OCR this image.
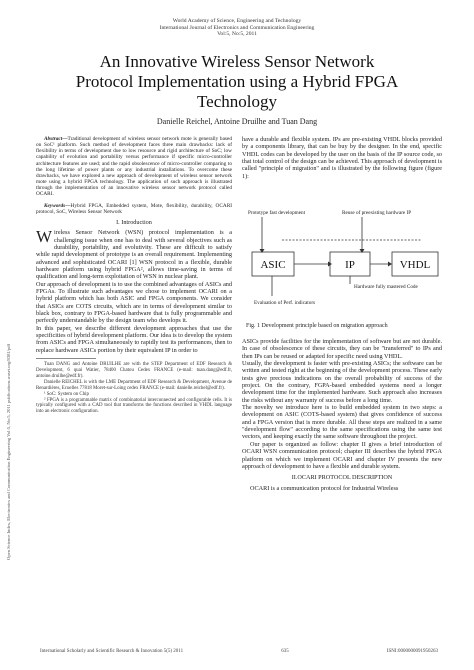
World Academy of Science, Engineering and Technology
International Journal of Electronics and Communication Engineering
Vol:5, No:5, 2011
An Innovative Wireless Sensor Network
Protocol Implementation using a Hybrid FPGA
Technology
Danielle Reichel, Antoine Druilhe and Tuan Dang
Open Science Index, Electronics and Communication Engineering Vol:5, No:5, 2011 publications.waset.org/8381/pdf

Abstract—Traditional development of wireless sensor network mote is generally based on SoC¹ platform. Such method of development faces three main drawbacks: lack of flexibility in terms of development due to low resource and rigid architecture of SoC; low capability of evolution and portability versus performance if specific micro-controller architecture features are used; and the rapid obsolescence of micro-controller comparing to the long lifetime of power plants or any industrial installations. To overcome these drawbacks, we have explored a new approach of development of wireless sensor network mote using a hybrid FPGA technology. The application of such approach is illustrated through the implementation of an innovative wireless sensor network protocol called OCARI.

Keywords—Hybrid FPGA, Embedded system, Mote, flexibility, durability, OCARI protocol, SoC, Wireless Sensor Network

I. Introduction

Wireless Sensor Network (WSN) protocol implementation is a challenging issue when one has to deal with several objectives such as durability, portability, and evolutivity. These are difficult to satisfy while rapid development of prototype is an overall requirement. Implementing advanced and sophisticated OCARI [1] WSN protocol in a flexible, durable hardware platform using hybrid FPGA², allows time-saving in terms of qualification and long-term exploitation of WSN in nuclear plant.

Our approach of development is to use the combined advantages of ASICs and FPGAs. To illustrate such advantages we chose to implement OCARI on a hybrid platform which has both ASIC and FPGA components. We consider that ASICs are COTS circuits, which are in terms of development similar to black box, contrary to FPGA-based hardware that is fully programmable and perfectly understandable by the design team who develops it.

In this paper, we describe different development approaches that use the specificities of hybrid development platform. Our idea is to develop the system from ASICs and FPGA simultaneously to rapidly test its performances, then to replace hardware ASICs portion by their equivalent IP in order to

Tuan DANG and Antoine DRUILHE are with the STEP Department of EDF Research & Development, 6 quai Watier, 78400 Chatou Cedex FRANCE (e-mail: tuan.dang@edf.fr, antoine.druilhe@edf.fr).

Danielle REICHEL is with the LME Department of EDF Research & Development, Avenue de Renardières, Ecuelles 77818 Moret-sur-Loing cedex FRANCE (e-mail: danielle.reichel@edf.fr).

¹ SoC: System on Chip

² FPGA is a programmable matrix of combinatorial interconnected and configurable cells. It is typically configured with a CAD tool that transforms the functions described in VHDL language into an electronic configuration.

have a durable and flexible system. IPs are pre-existing VHDL blocks provided by a components library, that can be buy by the designer. In the end, specific VHDL codes can be developed by the user on the basis of the IP source code, so that total control of the design can be achieved. This approach of development is called "principle of migration" and is illustrated by the following figure (figure 1):

Prototype fast development	Reuse of preexisting hardware IP
ASIC	IP	VHDL
Hardware fully mastered Code
Evaluation of Perf. indicators
Fig. 1 Development principle based on migration approach

ASICs provide facilities for the implementation of software but are not durable. In case of obsolescence of these circuits, they can be "transferred" to IPs and then IPs can be reused or adapted for specific need using VHDL.

Usually, the development is faster with pre-existing ASICs; the software can be written and tested right at the beginning of the development process. These early tests give precious indications on the overall probability of success of the project. On the contrary, FGPA-based embedded systems need a longer development time for the implemented hardware. Such approach also increases the risks without any warranty of success before a long time.

The novelty we introduce here is to build embedded system in two steps: a development on ASIC (COTS-based system) that gives confidence of success and a FPGA version that is more durable. All these steps are realized in a same "development flow" according to the same specifications using the same test vectors, and keeping exactly the same software throughout the project.

Our paper is organized as follow: chapter II gives a brief introduction of OCARI WSN communication protocol; chapter III describes the hybrid FPGA platform on which we implement OCARI and chapter IV presents the new approach of development to have a flexible and durable system.

II.OCARI PROTOCOL DESCRIPTION

OCARI is a communication protocol for Industrial Wireless

International Scholarly and Scientific Research & Innovation 5(5) 2011	635	ISNI:0000000091950263
